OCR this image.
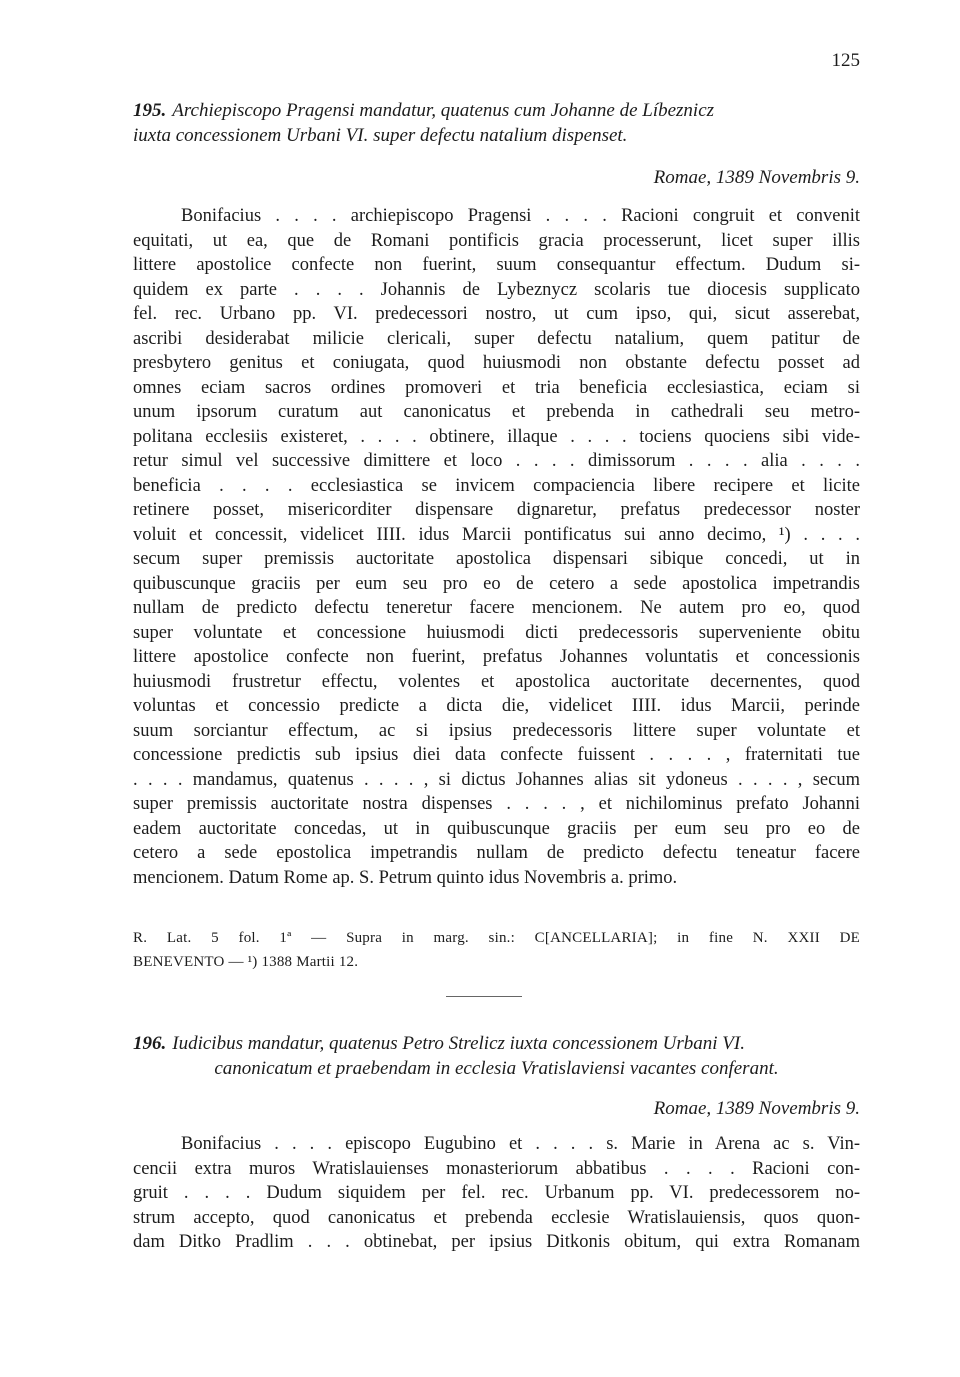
125

195. Archiepiscopo Pragensi mandatur, quatenus cum Johanne de Líbeznicz

iuxta concessionem Urbani VI. super defectu natalium dispenset.

Romae, 1389 Novembris 9.
Bonifacius . . . . archiepiscopo Pragensi . . . . Racioni congruit et convenit
equitati, ut ea, que de Romani pontificis gracia processerunt, licet super illis
littere apostolice confecte non fuerint, suum consequantur effectum. Dudum si-
quidem ex parte . . . . Johannis de Lybeznycz scolaris tue diocesis supplicato
fel. rec. Urbano pp. VI. predecessori nostro, ut cum ipso, qui, sicut asserebat,
ascribi desiderabat milicie clericali, super defectu natalium, quem patitur de
presbytero genitus et coniugata, quod huiusmodi non obstante defectu posset ad
omnes eciam sacros ordines promoveri et tria beneficia ecclesiastica, eciam si
unum ipsorum curatum aut canonicatus et prebenda in cathedrali seu metro-
politana ecclesiis existeret, . . . . obtinere, illaque . . . . tociens quociens sibi vide-
retur simul vel successive dimittere et loco . . . . dimissorum . . . . alia . . . .
beneficia . . . . ecclesiastica se invicem compaciencia libere recipere et licite
retinere posset, misericorditer dispensare dignaretur, prefatus predecessor noster
voluit et concessit, videlicet IIII. idus Marcii pontificatus sui anno decimo, ¹) . . . .
secum super premissis auctoritate apostolica dispensari sibique concedi, ut in
quibuscunque graciis per eum seu pro eo de cetero a sede apostolica impetrandis
nullam de predicto defectu teneretur facere mencionem. Ne autem pro eo, quod
super voluntate et concessione huiusmodi dicti predecessoris superveniente obitu
littere apostolice confecte non fuerint, prefatus Johannes voluntatis et concessionis
huiusmodi frustretur effectu, volentes et apostolica auctoritate decernentes, quod
voluntas et concessio predicte a dicta die, videlicet IIII. idus Marcii, perinde
suum sorciantur effectum, ac si ipsius predecessoris littere super voluntate et
concessione predictis sub ipsius diei data confecte fuissent . . . . , fraternitati tue
. . . . mandamus, quatenus . . . . , si dictus Johannes alias sit ydoneus . . . . , secum
super premissis auctoritate nostra dispenses . . . . , et nichilominus prefato Johanni
eadem auctoritate concedas, ut in quibuscunque graciis per eum seu pro eo de
cetero a sede epostolica impetrandis nullam de predicto defectu teneatur facere
mencionem. Datum Rome ap. S. Petrum quinto idus Novembris a. primo.
R. Lat. 5 fol. 1ª — Supra in marg. sin.: C[ANCELLARIA]; in fine N. XXII DE
BENEVENTO — ¹) 1388 Martii 12.

196. Iudicibus mandatur, quatenus Petro Strelicz iuxta concessionem Urbani VI.

canonicatum et praebendam in ecclesia Vratislaviensi vacantes conferant.

Romae, 1389 Novembris 9.
Bonifacius . . . . episcopo Eugubino et . . . . s. Marie in Arena ac s. Vin-
cencii extra muros Wratislauienses monasteriorum abbatibus . . . . Racioni con-
gruit . . . . Dudum siquidem per fel. rec. Urbanum pp. VI. predecessorem no-
strum accepto, quod canonicatus et prebenda ecclesie Wratislauiensis, quos quon-
dam Ditko Pradlim . . . obtinebat, per ipsius Ditkonis obitum, qui extra Romanam
